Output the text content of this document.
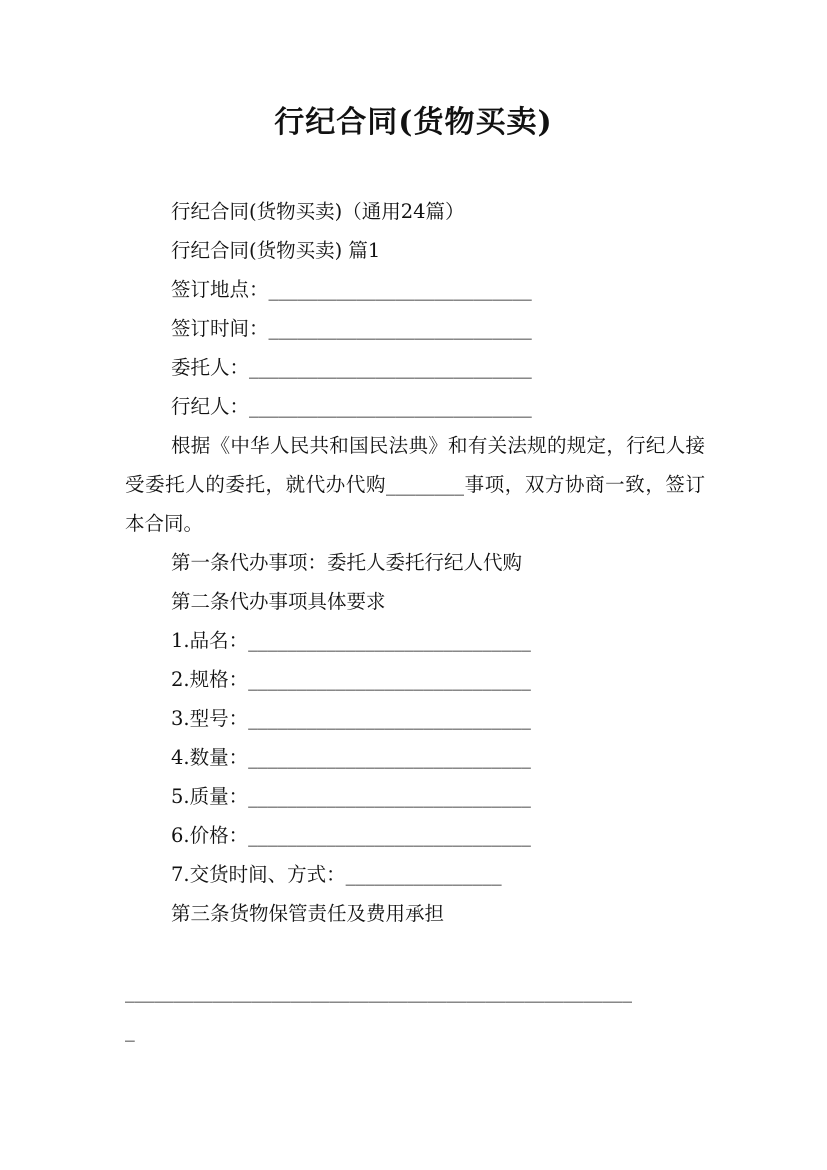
行纪合同(货物买卖)

行纪合同(货物买卖)（通用24篇）

行纪合同(货物买卖) 篇1

签订地点：___________________________

签订时间：___________________________

委托人：_____________________________

行纪人：_____________________________

根据《中华人民共和国民法典》和有关法规的规定，行纪人接受委托人的委托，就代办代购________事项，双方协商一致，签订本合同。

第一条代办事项：委托人委托行纪人代购

第二条代办事项具体要求

1.品名：_____________________________

2.规格：_____________________________

3.型号：_____________________________

4.数量：_____________________________

5.质量：_____________________________

6.价格：_____________________________

7.交货时间、方式：________________

第三条货物保管责任及费用承担

____________________________________________________

_
